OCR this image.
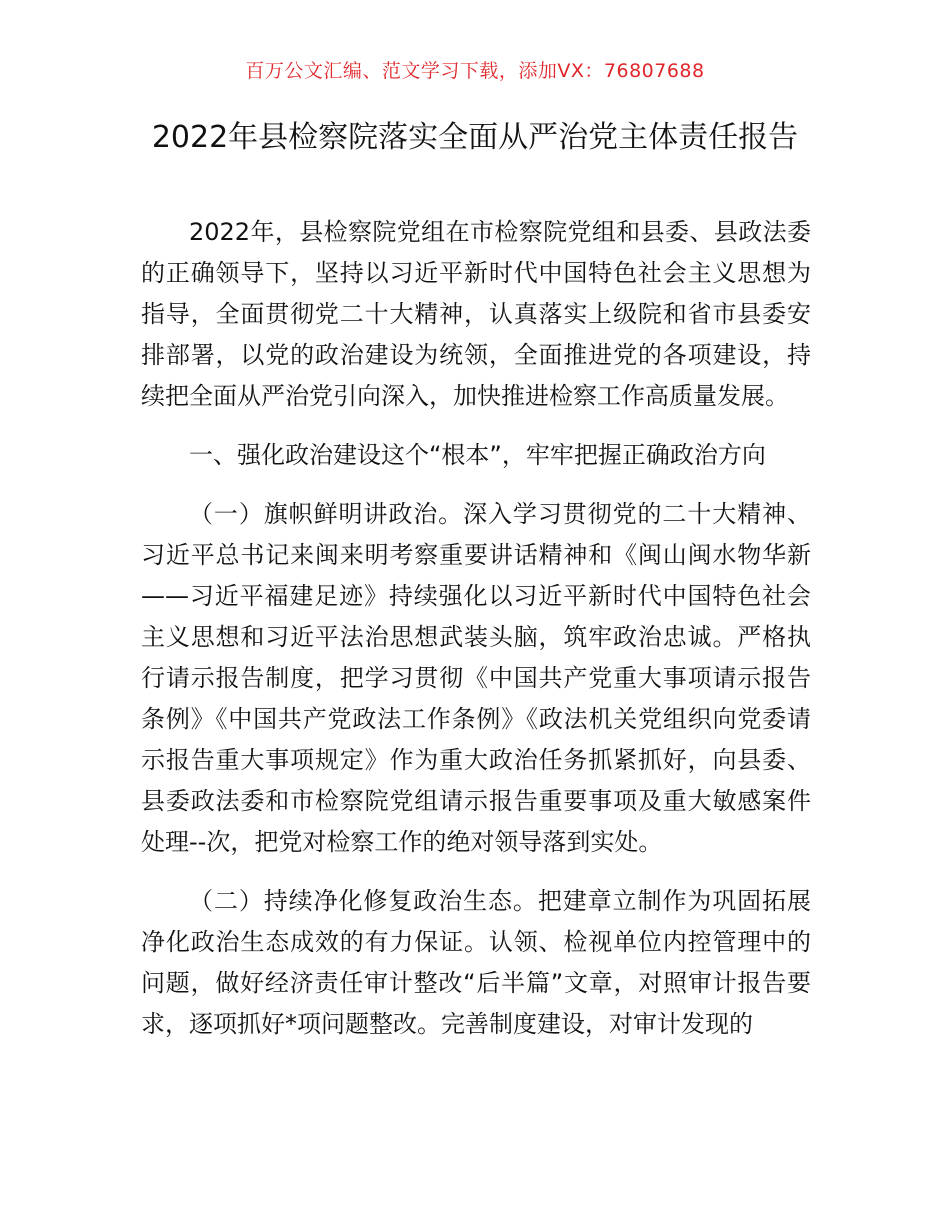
百万公文汇编、范文学习下载，添加VX：76807688
2022年县检察院落实全面从严治党主体责任报告

2022年，县检察院党组在市检察院党组和县委、县政法委的正确领导下，坚持以习近平新时代中国特色社会主义思想为指导，全面贯彻党二十大精神，认真落实上级院和省市县委安排部署，以党的政治建设为统领，全面推进党的各项建设，持续把全面从严治党引向深入，加快推进检察工作高质量发展。

一、强化政治建设这个“根本”，牢牢把握正确政治方向

（一）旗帜鲜明讲政治。深入学习贯彻党的二十大精神、习近平总书记来闽来明考察重要讲话精神和《闽山闽水物华新——习近平福建足迹》持续强化以习近平新时代中国特色社会主义思想和习近平法治思想武装头脑，筑牢政治忠诚。严格执行请示报告制度，把学习贯彻《中国共产党重大事项请示报告条例》《中国共产党政法工作条例》《政法机关党组织向党委请示报告重大事项规定》作为重大政治任务抓紧抓好，向县委、县委政法委和市检察院党组请示报告重要事项及重大敏感案件处理--次，把党对检察工作的绝对领导落到实处。

（二）持续净化修复政治生态。把建章立制作为巩固拓展净化政治生态成效的有力保证。认领、检视单位内控管理中的问题，做好经济责任审计整改“后半篇”文章，对照审计报告要求，逐项抓好*项问题整改。完善制度建设，对审计发现的
